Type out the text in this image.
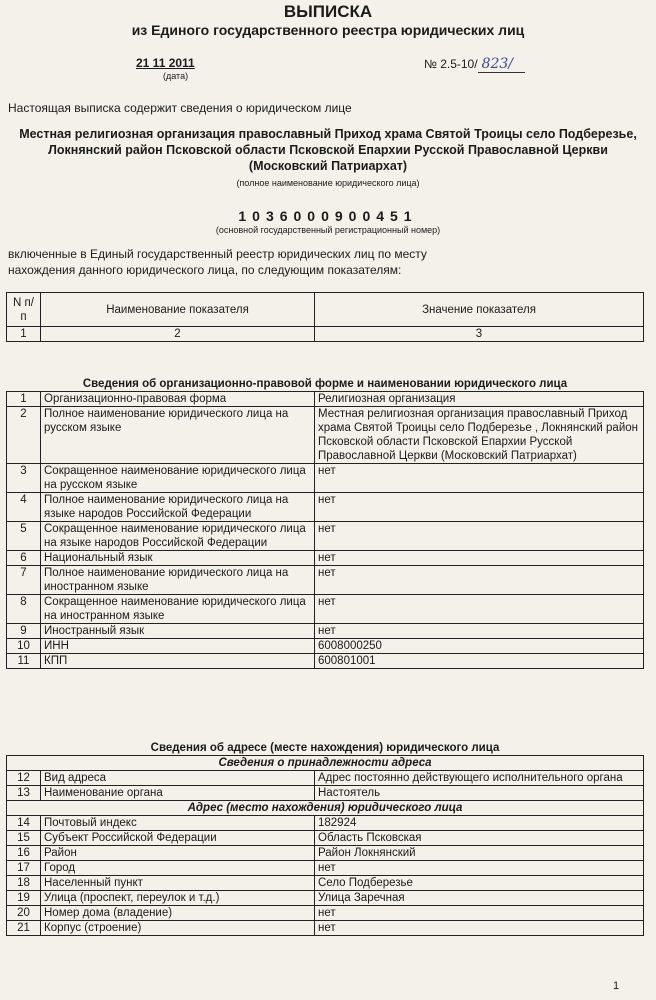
ВЫПИСКА
из Единого государственного реестра юридических лиц
21 11 2011
(дата)
№ 2.5-10/ 823/
Настоящая выписка содержит сведения о юридическом лице
Местная религиозная организация православный Приход храма Святой Троицы село Подберезье,
Локнянский район Псковской области Псковской Епархии Русской Православной Церкви
(Московский Патриархат)
(полное наименование юридического лица)
1036000900451
(основной государственный регистрационный номер)
включенные в Единый государственный реестр юридических лиц по месту нахождения данного юридического лица, по следующим показателям:
N п/п	Наименование показателя	Значение показателя
1	2	3
Сведения об организационно-правовой форме и наименовании юридического лица		
1	Организационно-правовая форма	Религиозная организация
2	Полное наименование юридического лица на русском языке	Местная религиозная организация православный Приход храма Святой Троицы село Подберезье , Локнянский район Псковской области Псковской Епархии Русской Православной Церкви (Московский Патриархат)
3	Сокращенное наименование юридического лица на русском языке	нет
4	Полное наименование юридического лица на языке народов Российской Федерации	нет
5	Сокращенное наименование юридического лица на языке народов Российской Федерации	нет
6	Национальный язык	нет
7	Полное наименование юридического лица на иностранном языке	нет
8	Сокращенное наименование юридического лица на иностранном языке	нет
9	Иностранный язык	нет
10	ИНН	6008000250
11	КПП	600801001
Сведения об адресе (месте нахождения) юридического лица		
Сведения о принадлежности адреса		
12	Вид адреса	Адрес постоянно действующего исполнительного органа
13	Наименование органа	Настоятель
Адрес (место нахождения) юридического лица		
14	Почтовый индекс	182924
15	Субъект Российской Федерации	Область Псковская
16	Район	Район Локнянский
17	Город	нет
18	Населенный пункт	Село Подберезье
19	Улица (проспект, переулок и т.д.)	Улица Заречная
20	Номер дома (владение)	нет
21	Корпус (строение)	нет
1
